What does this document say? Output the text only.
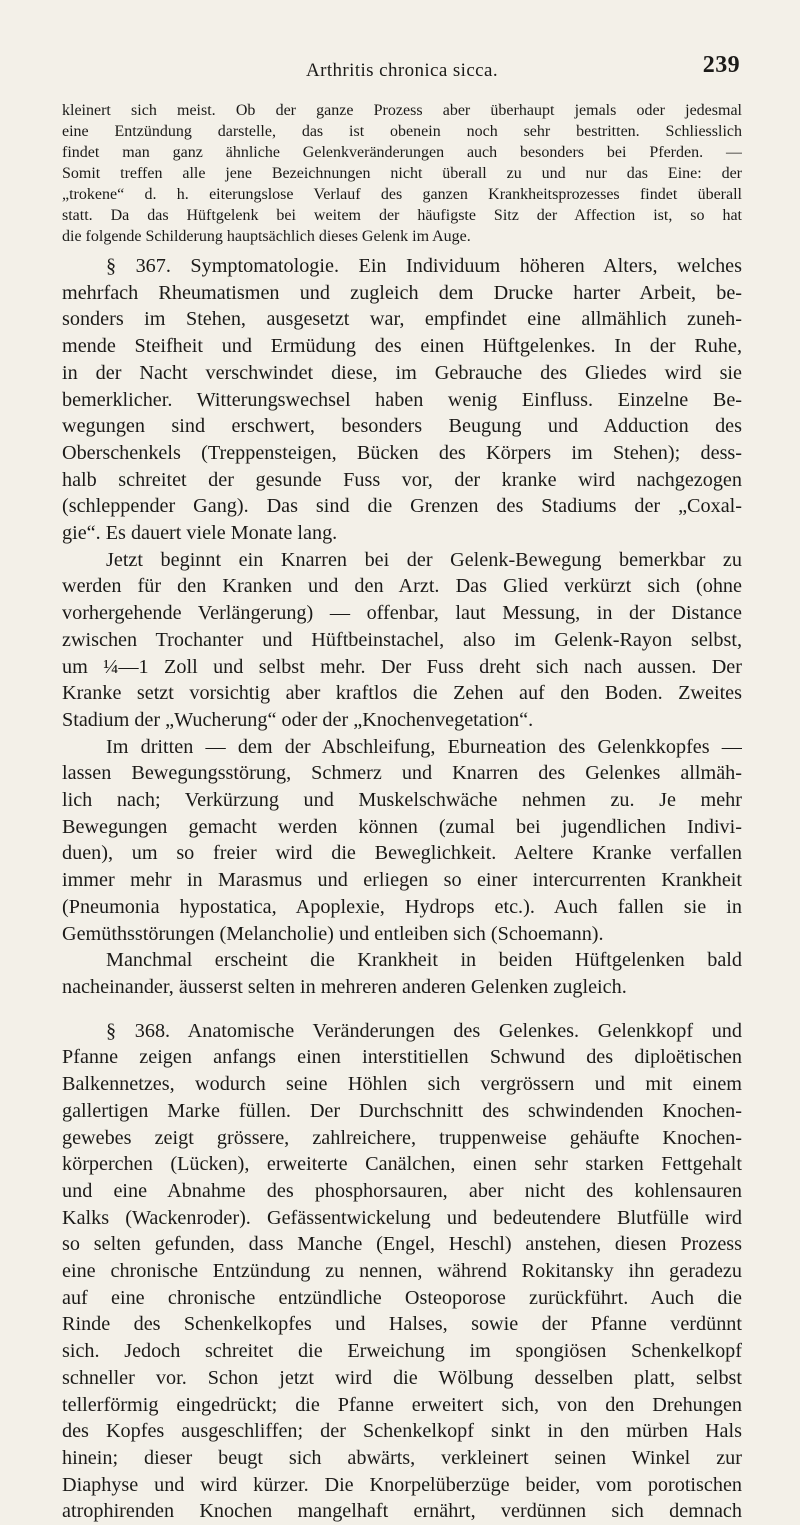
Arthritis chronica sicca.	239
kleinert sich meist. Ob der ganze Prozess aber überhaupt jemals oder jedesmal
eine Entzündung darstelle, das ist obenein noch sehr bestritten. Schliesslich
findet man ganz ähnliche Gelenkveränderungen auch besonders bei Pferden. —
Somit treffen alle jene Bezeichnungen nicht überall zu und nur das Eine: der
„trokene“ d. h. eiterungslose Verlauf des ganzen Krankheitsprozesses findet überall
statt. Da das Hüftgelenk bei weitem der häufigste Sitz der Affection ist, so hat
die folgende Schilderung hauptsächlich dieses Gelenk im Auge.
§ 367. Symptomatologie. Ein Individuum höheren Alters, welches
mehrfach Rheumatismen und zugleich dem Drucke harter Arbeit, be-
sonders im Stehen, ausgesetzt war, empfindet eine allmählich zuneh-
mende Steifheit und Ermüdung des einen Hüftgelenkes. In der Ruhe,
in der Nacht verschwindet diese, im Gebrauche des Gliedes wird sie
bemerklicher. Witterungswechsel haben wenig Einfluss. Einzelne Be-
wegungen sind erschwert, besonders Beugung und Adduction des
Oberschenkels (Treppensteigen, Bücken des Körpers im Stehen); dess-
halb schreitet der gesunde Fuss vor, der kranke wird nachgezogen
(schleppender Gang). Das sind die Grenzen des Stadiums der „Coxal-
gie“. Es dauert viele Monate lang.
Jetzt beginnt ein Knarren bei der Gelenk-Bewegung bemerkbar zu
werden für den Kranken und den Arzt. Das Glied verkürzt sich (ohne
vorhergehende Verlängerung) — offenbar, laut Messung, in der Distance
zwischen Trochanter und Hüftbeinstachel, also im Gelenk-Rayon selbst,
um ¼—1 Zoll und selbst mehr. Der Fuss dreht sich nach aussen. Der
Kranke setzt vorsichtig aber kraftlos die Zehen auf den Boden. Zweites
Stadium der „Wucherung“ oder der „Knochenvegetation“.
Im dritten — dem der Abschleifung, Eburneation des Gelenkkopfes —
lassen Bewegungsstörung, Schmerz und Knarren des Gelenkes allmäh-
lich nach; Verkürzung und Muskelschwäche nehmen zu. Je mehr
Bewegungen gemacht werden können (zumal bei jugendlichen Indivi-
duen), um so freier wird die Beweglichkeit. Aeltere Kranke verfallen
immer mehr in Marasmus und erliegen so einer intercurrenten Krankheit
(Pneumonia hypostatica, Apoplexie, Hydrops etc.). Auch fallen sie in
Gemüthsstörungen (Melancholie) und entleiben sich (Schoemann).
Manchmal erscheint die Krankheit in beiden Hüftgelenken bald
nacheinander, äusserst selten in mehreren anderen Gelenken zugleich.
§ 368. Anatomische Veränderungen des Gelenkes. Gelenkkopf und
Pfanne zeigen anfangs einen interstitiellen Schwund des diploëtischen
Balkennetzes, wodurch seine Höhlen sich vergrössern und mit einem
gallertigen Marke füllen. Der Durchschnitt des schwindenden Knochen-
gewebes zeigt grössere, zahlreichere, truppenweise gehäufte Knochen-
körperchen (Lücken), erweiterte Canälchen, einen sehr starken Fettgehalt
und eine Abnahme des phosphorsauren, aber nicht des kohlensauren
Kalks (Wackenroder). Gefässentwickelung und bedeutendere Blutfülle wird
so selten gefunden, dass Manche (Engel, Heschl) anstehen, diesen Prozess
eine chronische Entzündung zu nennen, während Rokitansky ihn geradezu
auf eine chronische entzündliche Osteoporose zurückführt. Auch die
Rinde des Schenkelkopfes und Halses, sowie der Pfanne verdünnt
sich. Jedoch schreitet die Erweichung im spongiösen Schenkelkopf
schneller vor. Schon jetzt wird die Wölbung desselben platt, selbst
tellerförmig eingedrückt; die Pfanne erweitert sich, von den Drehungen
des Kopfes ausgeschliffen; der Schenkelkopf sinkt in den mürben Hals
hinein; dieser beugt sich abwärts, verkleinert seinen Winkel zur
Diaphyse und wird kürzer. Die Knorpelüberzüge beider, vom porotischen
atrophirenden Knochen mangelhaft ernährt, verdünnen sich demnach
